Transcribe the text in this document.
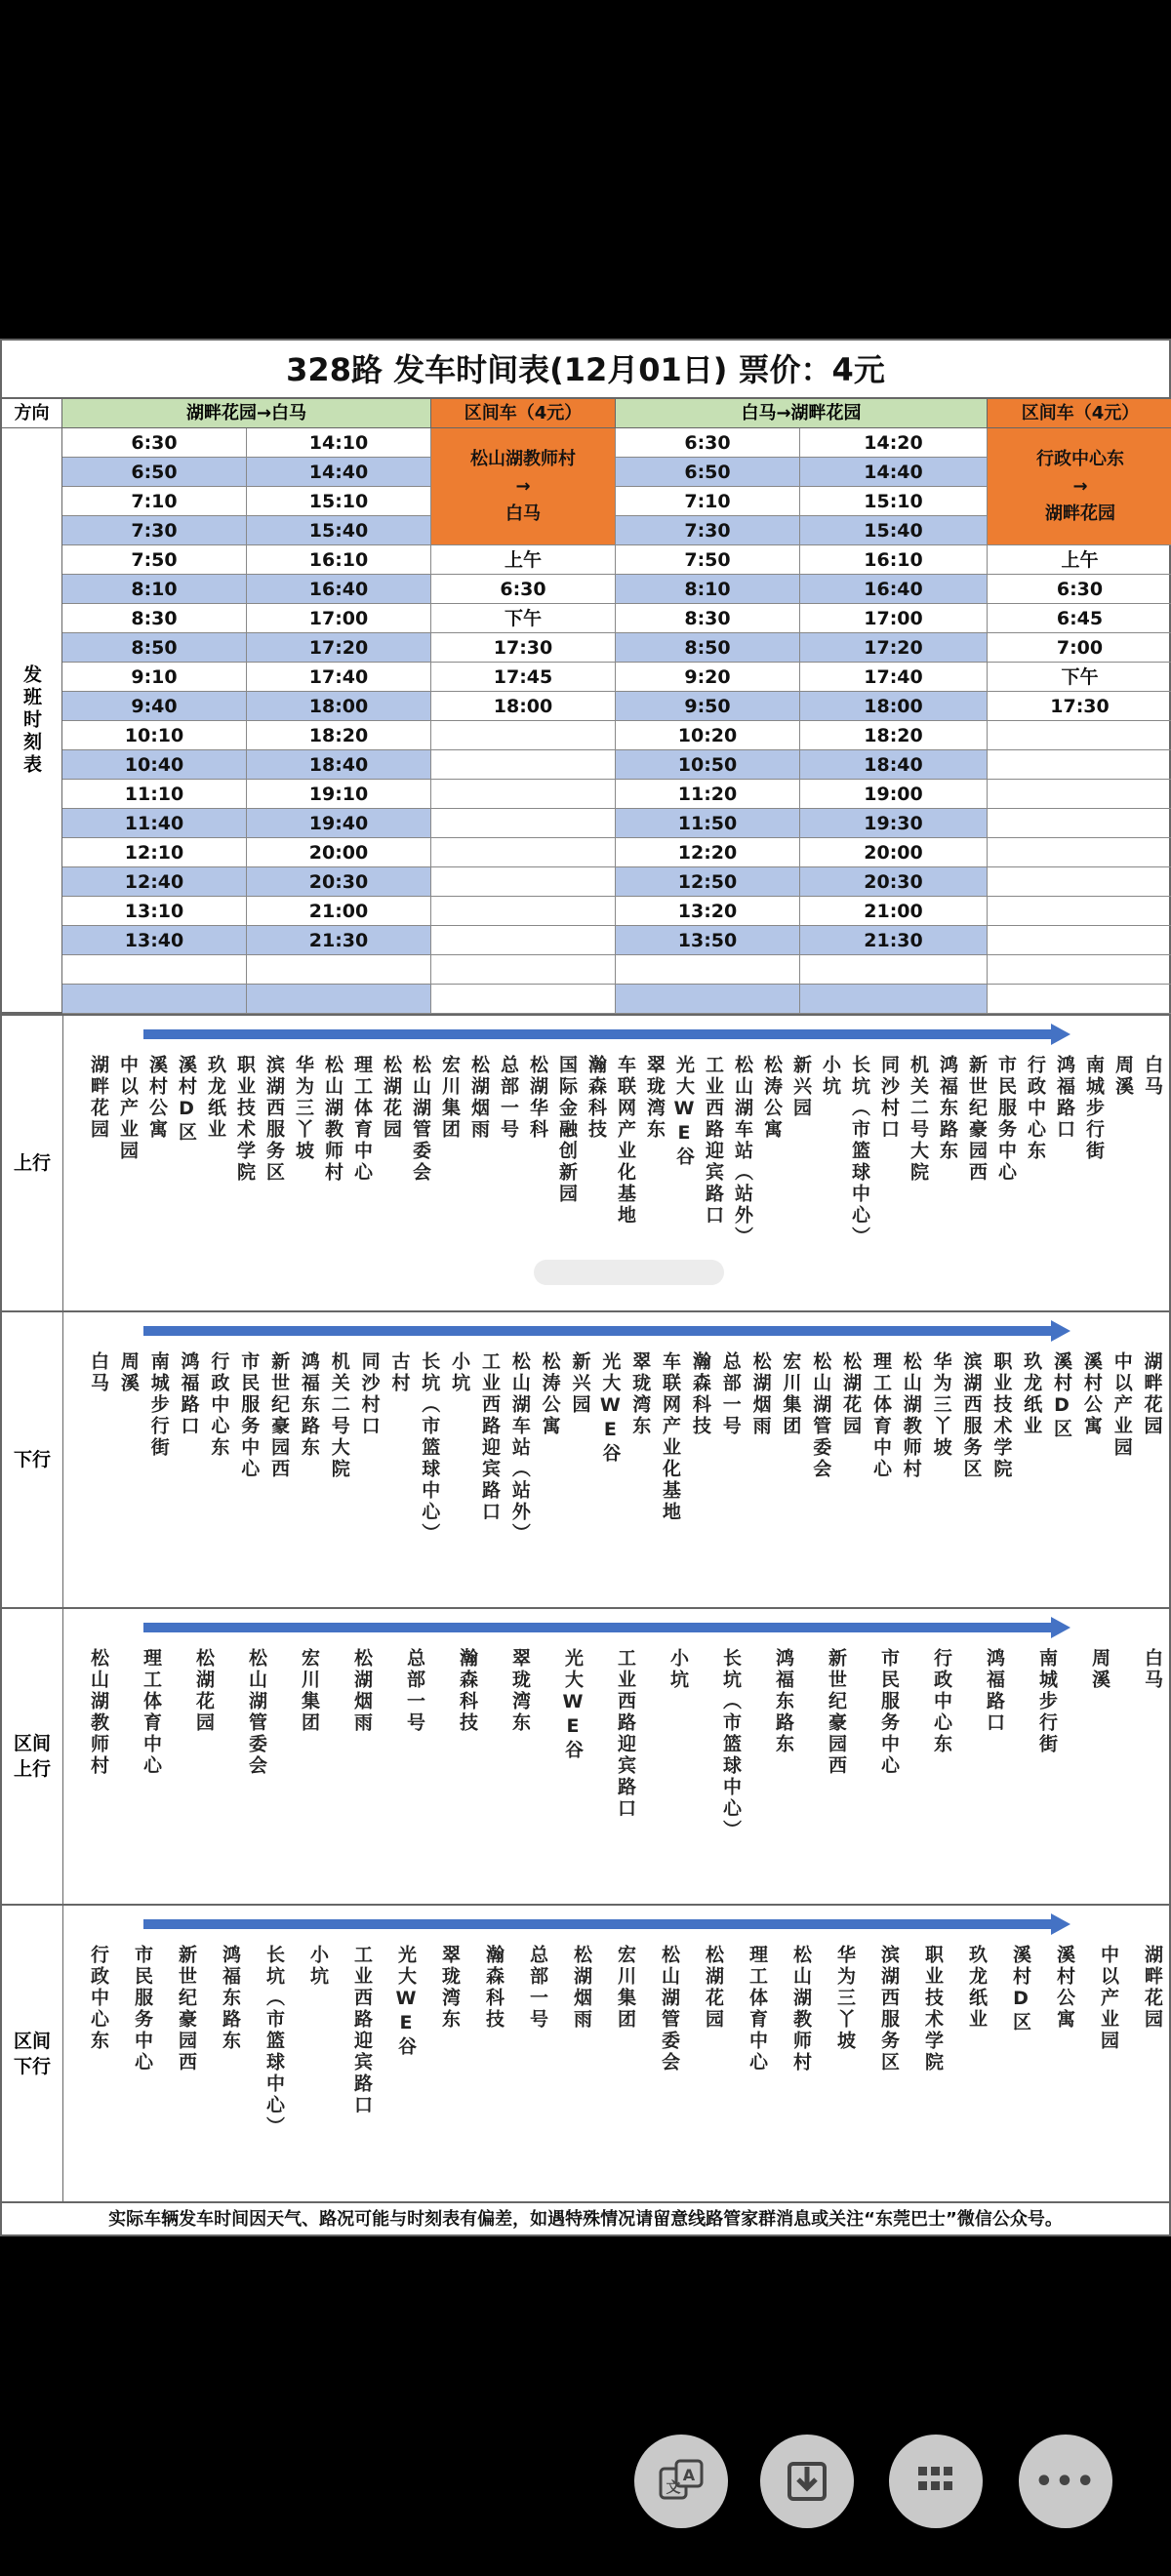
328路 发车时间表(12月01日) 票价：4元
方向	湖畔花园→白马	区间车（4元）	白马→湖畔花园	区间车（4元）
发班时刻表
6:30	14:10	6:30	14:20
6:50	14:40	6:50	14:40
7:10	15:10	7:10	15:10
7:30	15:40	7:30	15:40
7:50	16:10	上午	7:50	16:10	上午
8:10	16:40	6:30	8:10	16:40	6:30
8:30	17:00	下午	8:30	17:00	6:45
8:50	17:20	17:30	8:50	17:20	7:00
9:10	17:40	17:45	9:20	17:40	下午
9:40	18:00	18:00	9:50	18:00	17:30
10:10	18:20	10:20	18:20
10:40	18:40	10:50	18:40
11:10	19:10	11:20	19:00
11:40	19:40	11:50	19:30
12:10	20:00	12:20	20:00
12:40	20:30	12:50	20:30
13:10	21:00	13:20	21:00
13:40	21:30	13:50	21:30
松山湖教师村
→
白马
行政中心东
→
湖畔花园
上行
湖畔花园 中以产业园 溪村公寓 溪村D区 玖龙纸业 职业技术学院 滨湖西服务区 华为三丫坡 松山湖教师村 理工体育中心 松湖花园 松山湖管委会 宏川集团 松湖烟雨 总部一号 松湖华科 国际金融创新园 瀚森科技 车联网产业化基地 翠珑湾东 光大WE谷 工业西路迎宾路口 松山湖车站（站外） 松涛公寓 新兴园 小坑 长坑（市篮球中心） 同沙村口 机关二号大院 鸿福东路东 新世纪豪园西 市民服务中心 行政中心东 鸿福路口 南城步行街 周溪 白马
下行
白马 周溪 南城步行街 鸿福路口 行政中心东 市民服务中心 新世纪豪园西 鸿福东路东 机关二号大院 同沙村口 古村 长坑（市篮球中心） 小坑 工业西路迎宾路口 松山湖车站（站外） 松涛公寓 新兴园 光大WE谷 翠珑湾东 车联网产业化基地 瀚森科技 总部一号 松湖烟雨 宏川集团 松山湖管委会 松湖花园 理工体育中心 松山湖教师村 华为三丫坡 滨湖西服务区 职业技术学院 玖龙纸业 溪村D区 溪村公寓 中以产业园 湖畔花园
区间
上行	松山湖教师村 理工体育中心 松湖花园 松山湖管委会 宏川集团 松湖烟雨 总部一号 瀚森科技 翠珑湾东 光大WE谷 工业西路迎宾路口 小坑 长坑（市篮球中心） 鸿福东路东 新世纪豪园西 市民服务中心 行政中心东 鸿福路口 南城步行街 周溪 白马
区间
下行
行政中心东 市民服务中心 新世纪豪园西 鸿福东路东 长坑（市篮球中心） 小坑 工业西路迎宾路口 光大WE谷 翠珑湾东 瀚森科技 总部一号 松湖烟雨 宏川集团 松山湖管委会 松湖花园 理工体育中心 松山湖教师村 华为三丫坡 滨湖西服务区 职业技术学院 玖龙纸业 溪村D区 溪村公寓 中以产业园 湖畔花园
实际车辆发车时间因天气、路况可能与时刻表有偏差，如遇特殊情况请留意线路管家群消息或关注“东莞巴士”微信公众号。
A
文	•••
